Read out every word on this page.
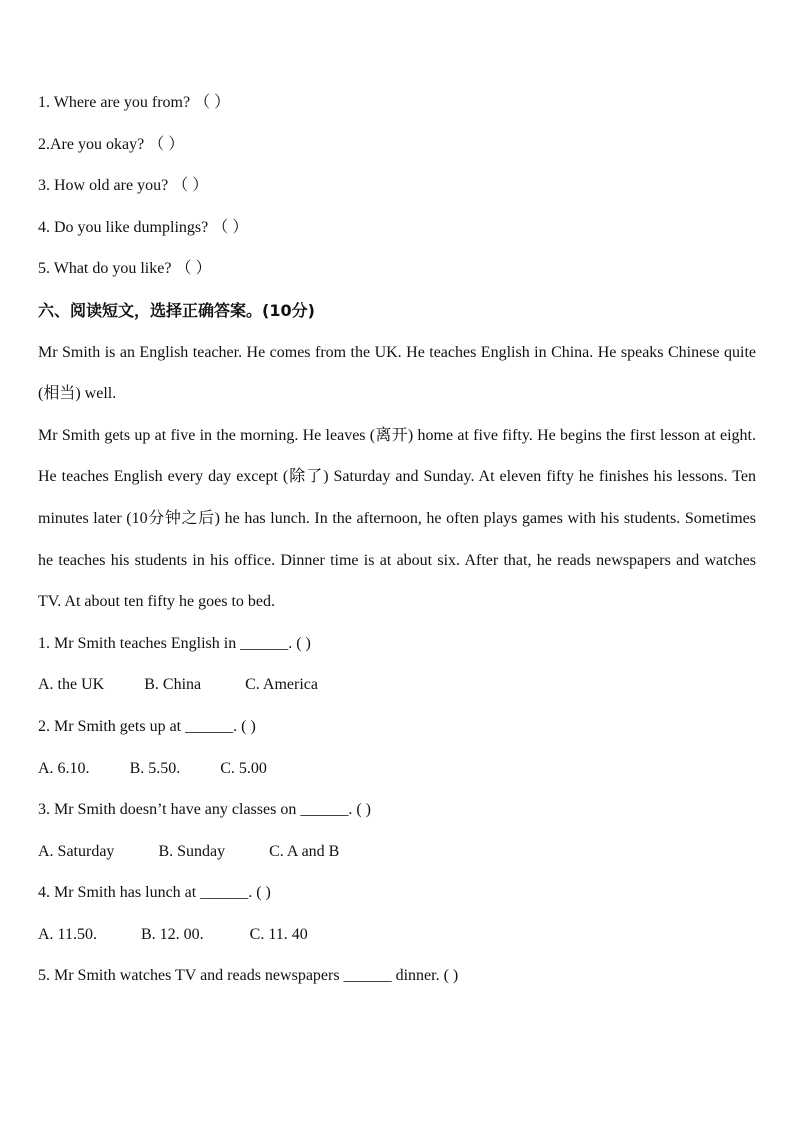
1. Where are you from? （ ）
2.Are you okay? （ ）
3. How old are you? （ ）
4. Do you like dumplings? （ ）
5. What do you like? （ ）
六、阅读短文，选择正确答案。(10分)
Mr Smith is an English teacher. He comes from the UK. He teaches English in China. He speaks Chinese quite (相当) well.
Mr Smith gets up at five in the morning. He leaves (离开) home at five fifty. He begins the first lesson at eight. He teaches English every day except (除了) Saturday and Sunday. At eleven fifty he finishes his lessons. Ten minutes later (10分钟之后) he has lunch. In the afternoon, he often plays games with his students. Sometimes he teaches his students in his office. Dinner time is at about six. After that, he reads newspapers and watches TV. At about ten fifty he goes to bed.
1. Mr Smith teaches English in ______. ( )
A. the UK	B. China	C. America
2. Mr Smith gets up at ______. ( )
A. 6.10.	B. 5.50.	C. 5.00
3. Mr Smith doesn’t have any classes on ______. ( )
A. Saturday	B. Sunday	C. A and B
4. Mr Smith has lunch at ______. ( )
A. 11.50.	B. 12. 00.	C. 11. 40
5. Mr Smith watches TV and reads newspapers ______ dinner. ( )
